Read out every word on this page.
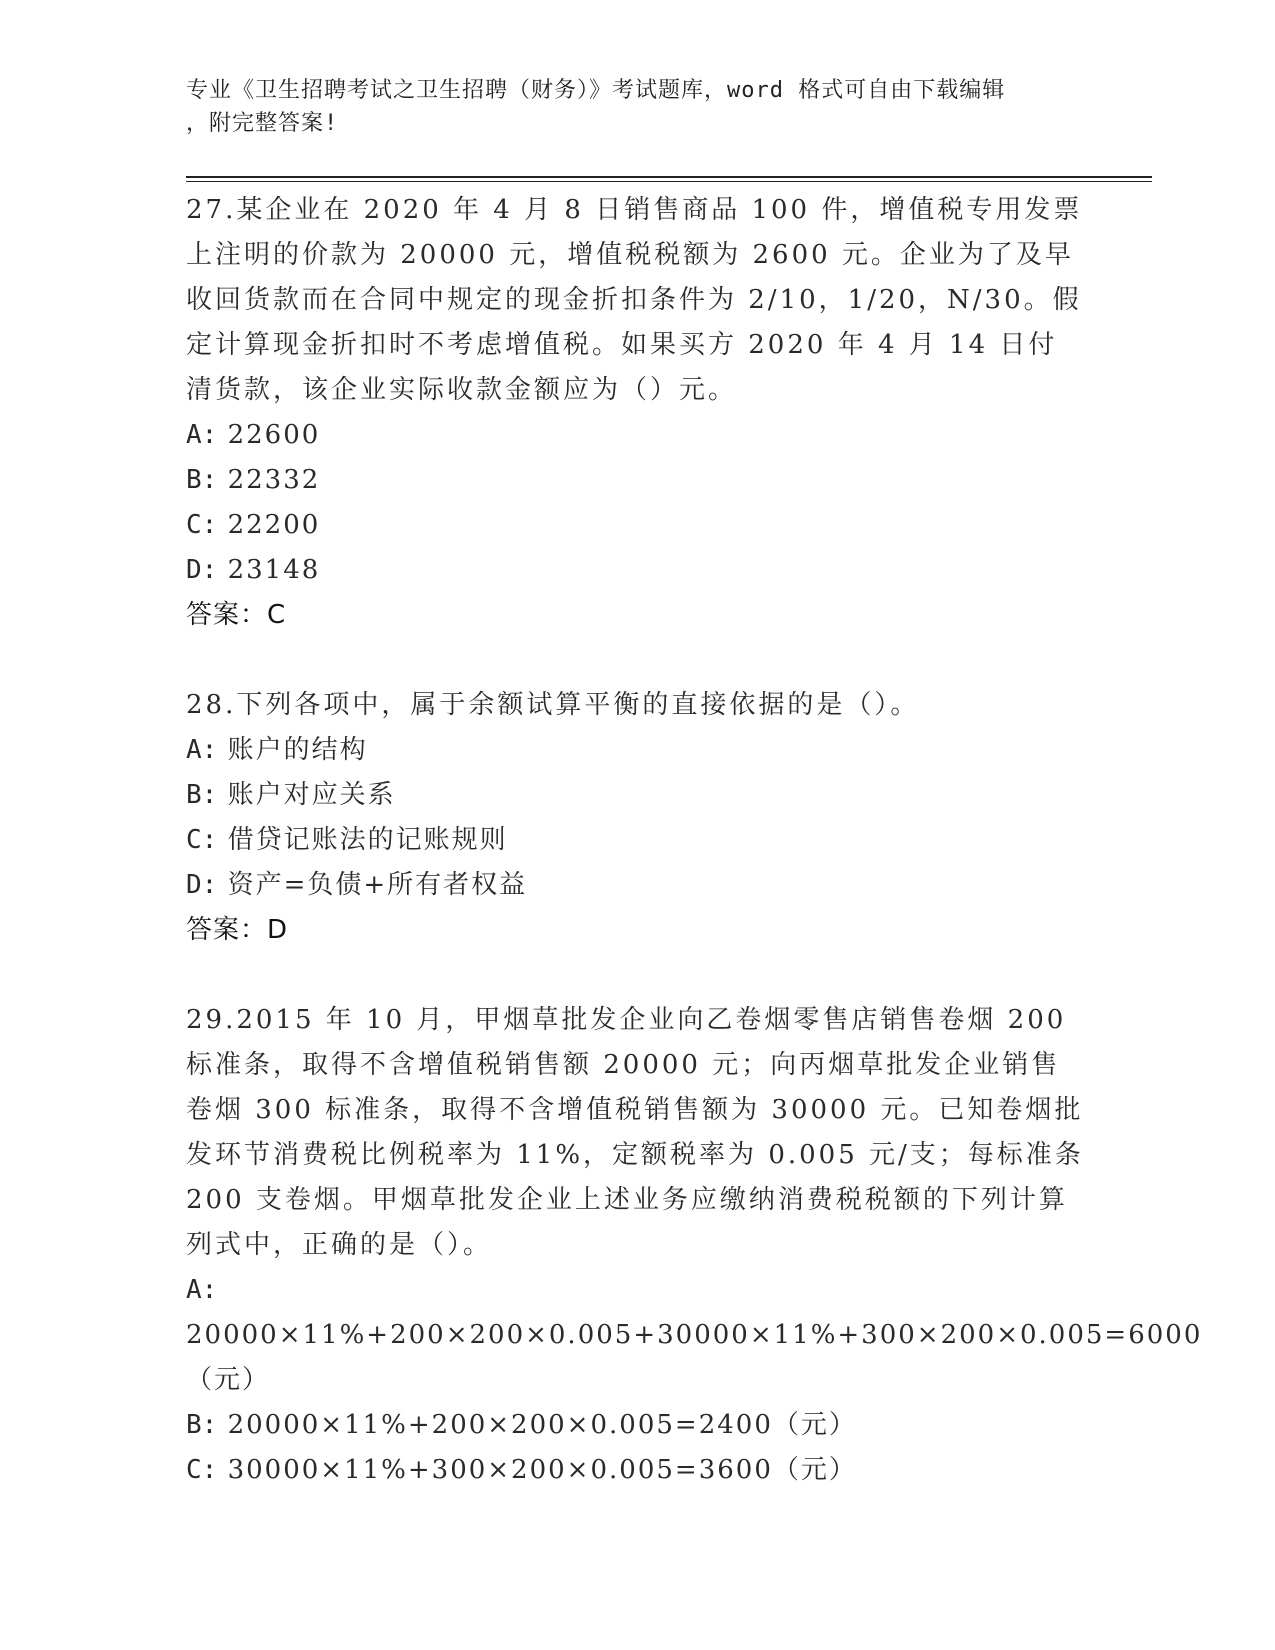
专业《卫生招聘考试之卫生招聘（财务）》考试题库，word 格式可自由下载编辑
，附完整答案!

27.某企业在 2020 年 4 月 8 日销售商品 100 件，增值税专用发票上注明的价款为 20000 元，增值税税额为 2600 元。企业为了及早收回货款而在合同中规定的现金折扣条件为 2/10，1/20，N/30。假定计算现金折扣时不考虑增值税。如果买方 2020 年 4 月 14 日付清货款，该企业实际收款金额应为（）元。

A: 22600

B: 22332

C: 22200

D: 23148

答案：C

28.下列各项中，属于余额试算平衡的直接依据的是（）。

A: 账户的结构

B: 账户对应关系

C: 借贷记账法的记账规则

D: 资产=负债+所有者权益

答案：D

29.2015 年 10 月，甲烟草批发企业向乙卷烟零售店销售卷烟 200 标准条，取得不含增值税销售额 20000 元；向丙烟草批发企业销售卷烟 300 标准条，取得不含增值税销售额为 30000 元。已知卷烟批发环节消费税比例税率为 11%，定额税率为 0.005 元/支；每标准条 200 支卷烟。甲烟草批发企业上述业务应缴纳消费税税额的下列计算列式中，正确的是（）。

A: 20000×11%+200×200×0.005+30000×11%+300×200×0.005=6000（元）

B: 20000×11%+200×200×0.005=2400（元）

C: 30000×11%+300×200×0.005=3600（元）
